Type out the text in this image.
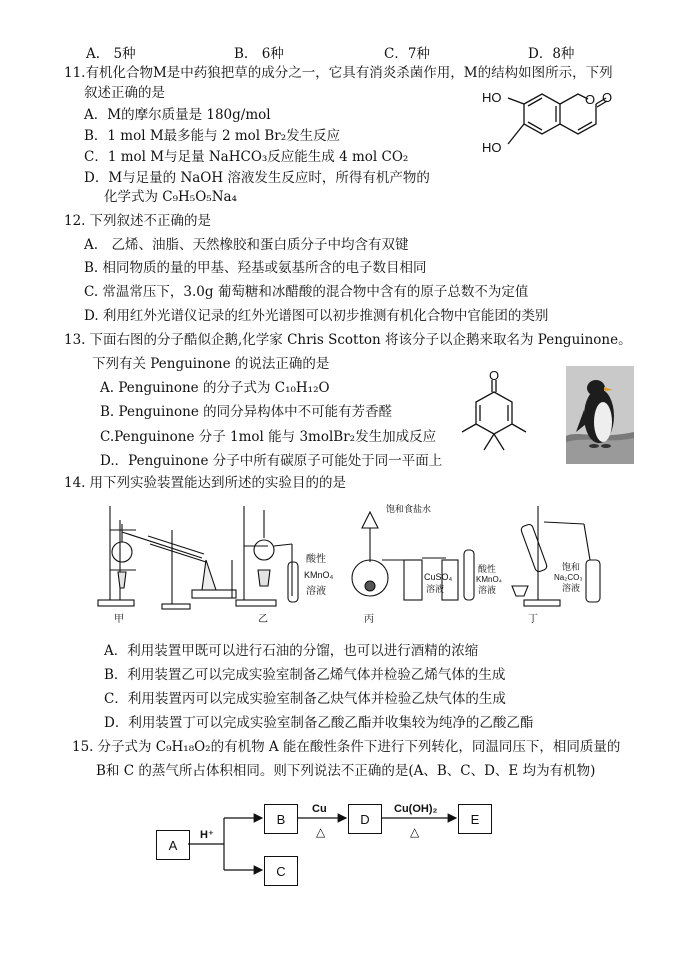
A.　5种	B.　6种	C．7种	D．8种
11.有机化合物M是中药狼把草的成分之一，它具有消炎杀菌作用，M的结构如图所示，下列
叙述正确的是
A．M的摩尔质量是 180g/mol
B．1 mol M最多能与 2 mol Br₂发生反应
C．1 mol M与足量 NaHCO₃反应能生成 4 mol CO₂
D．M与足量的 NaOH 溶液发生反应时，所得有机产物的
化学式为 C₉H₅O₅Na₄
HO
HO
O O
12. 下列叙述不正确的是
A.　乙烯、油脂、天然橡胶和蛋白质分子中均含有双键
B. 相同物质的量的甲基、羟基或氨基所含的电子数目相同
C. 常温常压下，3.0g 葡萄糖和冰醋酸的混合物中含有的原子总数不为定值
D. 利用红外光谱仪记录的红外光谱图可以初步推测有机化合物中官能团的类别
13. 下面右图的分子酷似企鹅,化学家 Chris Scotton 将该分子以企鹅来取名为 Penguinone。
下列有关 Penguinone 的说法正确的是
A. Penguinone 的分子式为 C₁₀H₁₂O
B. Penguinone 的同分异构体中不可能有芳香醛
C.Penguinone 分子 1mol 能与 3molBr₂发生加成反应
D.．Penguinone 分子中所有碳原子可能处于同一平面上
O
14. 用下列实验装置能达到所述的实验目的的是
甲	乙	丙	丁
酸性
KMnO₄
溶液
饱和食盐水
CuSO₄
溶液
酸性
KMnO₄
溶液
饱和
Na₂CO₃
溶液
A．利用装置甲既可以进行石油的分馏，也可以进行酒精的浓缩
B．利用装置乙可以完成实验室制备乙烯气体并检验乙烯气体的生成
C．利用装置丙可以完成实验室制备乙炔气体并检验乙炔气体的生成
D．利用装置丁可以完成实验室制备乙酸乙酯并收集较为纯净的乙酸乙酯
15. 分子式为 C₉H₁₈O₂的有机物 A 能在酸性条件下进行下列转化，同温同压下，相同质量的
B和 C 的蒸气所占体积相同。则下列说法不正确的是(A、B、C、D、E 均为有机物)
A
B	D	E
C
H⁺
Cu
△
Cu(OH)₂
△
